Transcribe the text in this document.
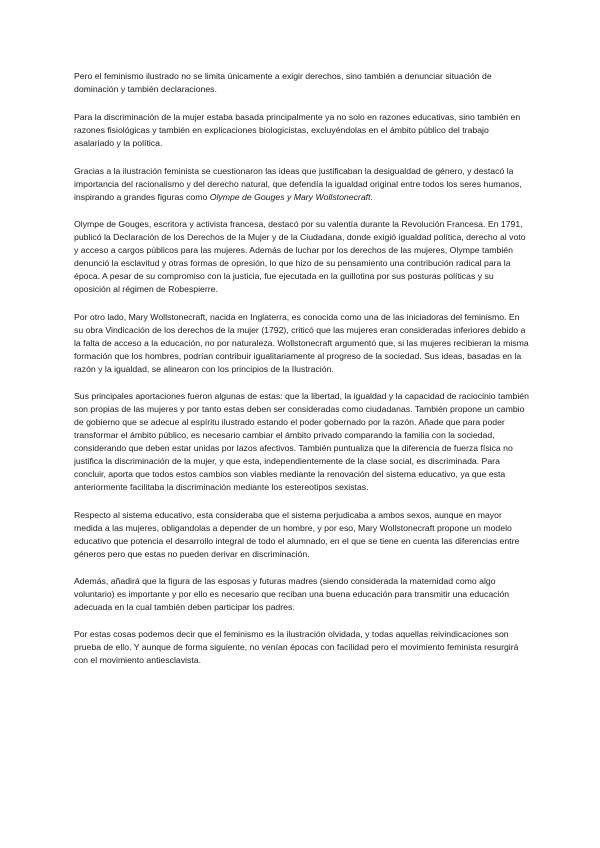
Pero el feminismo ilustrado no se limita únicamente a exigir derechos, sino también a denunciar situación de dominación y también declaraciones.

Para la discriminación de la mujer estaba basada principalmente ya no solo en razones educativas, sino también en razones fisiológicas y también en explicaciones biologicistas, excluyéndolas en el ámbito público del trabajo asalariado y la política.

Gracias a la ilustración feminista se cuestionaron las ideas que justificaban la desigualdad de género, y destacó la importancia del racionalismo y del derecho natural, que defendía la igualdad original entre todos los seres humanos, inspirando a grandes figuras como Olympe de Gouges y Mary Wollstonecraft.

Olympe de Gouges, escritora y activista francesa, destacó por su valentía durante la Revolución Francesa. En 1791, publicó la Declaración de los Derechos de la Mujer y de la Ciudadana, donde exigió igualdad política, derecho al voto y acceso a cargos públicos para las mujeres. Además de luchar por los derechos de las mujeres, Olympe también denunció la esclavitud y otras formas de opresión, lo que hizo de su pensamiento una contribución radical para la época. A pesar de su compromiso con la justicia, fue ejecutada en la guillotina por sus posturas políticas y su oposición al régimen de Robespierre.

Por otro lado, Mary Wollstonecraft, nacida en Inglaterra, es conocida como una de las iniciadoras del feminismo. En su obra Vindicación de los derechos de la mujer (1792), criticó que las mujeres eran consideradas inferiores debido a la falta de acceso a la educación, no por naturaleza. Wollstonecraft argumentó que, si las mujeres recibieran la misma formación que los hombres, podrían contribuir igualitariamente al progreso de la sociedad. Sus ideas, basadas en la razón y la igualdad, se alinearon con los principios de la Ilustración.

Sus principales aportaciones fueron algunas de estas: que la libertad, la igualdad y la capacidad de raciocinio también son propias de las mujeres y por tanto estas deben ser consideradas como ciudadanas. También propone un cambio de gobierno que se adecue al espíritu ilustrado estando el poder gobernado por la razón. Añade que para poder transformar el ámbito público, es necesario cambiar el ámbito privado comparando la familia con la sociedad, considerando que deben estar unidas por lazos afectivos. También puntualiza que la diferencia de fuerza física no justifica la discriminación de la mujer, y que esta, independientemente de la clase social, es discriminada. Para concluir, aporta que todos estos cambios son viables mediante la renovación del sistema educativo, ya que esta anteriormente facilitaba la discriminación mediante los estereotipos sexistas.

Respecto al sistema educativo, esta consideraba que el sistema perjudicaba a ambos sexos, aunque en mayor medida a las mujeres, obligandolas a depender de un hombre, y por eso, Mary Wollstonecraft propone un modelo educativo que potencia el desarrollo integral de todo el alumnado, en el que se tiene en cuenta las diferencias entre géneros pero que estas no pueden derivar en discriminación.

Además, añadirá que la figura de las esposas y futuras madres (siendo considerada la maternidad como algo voluntario) es importante y por ello es necesario que reciban una buena educación para transmitir una educación adecuada en la cual también deben participar los padres.

Por estas cosas podemos decir que el feminismo es la ilustración olvidada, y todas aquellas reivindicaciones son prueba de ello. Y aunque de forma siguiente, no venían épocas con facilidad pero el movimiento feminista resurgirá con el movimiento antiesclavista.
